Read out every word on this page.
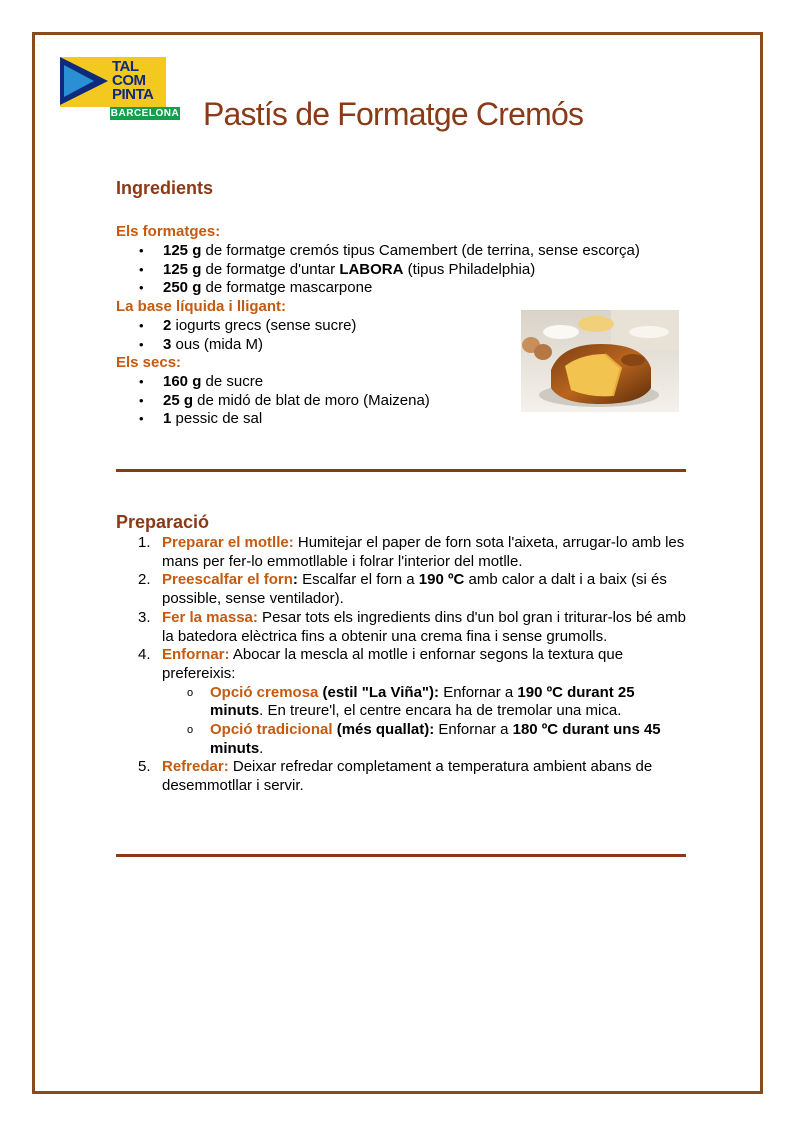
TAL
COM
PINTA
BARCELONA Pastís de Formatge Cremós
Ingredients
Els formatges:
• 125 g de formatge cremós tipus Camembert (de terrina, sense escorça)
• 125 g de formatge d'untar LABORA (tipus Philadelphia)
• 250 g de formatge mascarpone
La base líquida i lligant:
• 2 iogurts grecs (sense sucre)
• 3 ous (mida M)
Els secs:
• 160 g de sucre
• 25 g de midó de blat de moro (Maizena)
• 1 pessic de sal
Preparació
1. Preparar el motlle: Humitejar el paper de forn sota l'aixeta, arrugar-lo amb les mans per fer-lo emmotllable i folrar l'interior del motlle.
2. Preescalfar el forn: Escalfar el forn a 190 ºC amb calor a dalt i a baix (si és possible, sense ventilador).
3. Fer la massa: Pesar tots els ingredients dins d'un bol gran i triturar-los bé amb la batedora elèctrica fins a obtenir una crema fina i sense grumolls.
4. Enfornar: Abocar la mescla al motlle i enfornar segons la textura que prefereixis:
o Opció cremosa (estil "La Viña"): Enfornar a 190 ºC durant 25 minuts. En treure'l, el centre encara ha de tremolar una mica.
o Opció tradicional (més quallat): Enfornar a 180 ºC durant uns 45 minuts.
5. Refredar: Deixar refredar completament a temperatura ambient abans de desemmotllar i servir.
